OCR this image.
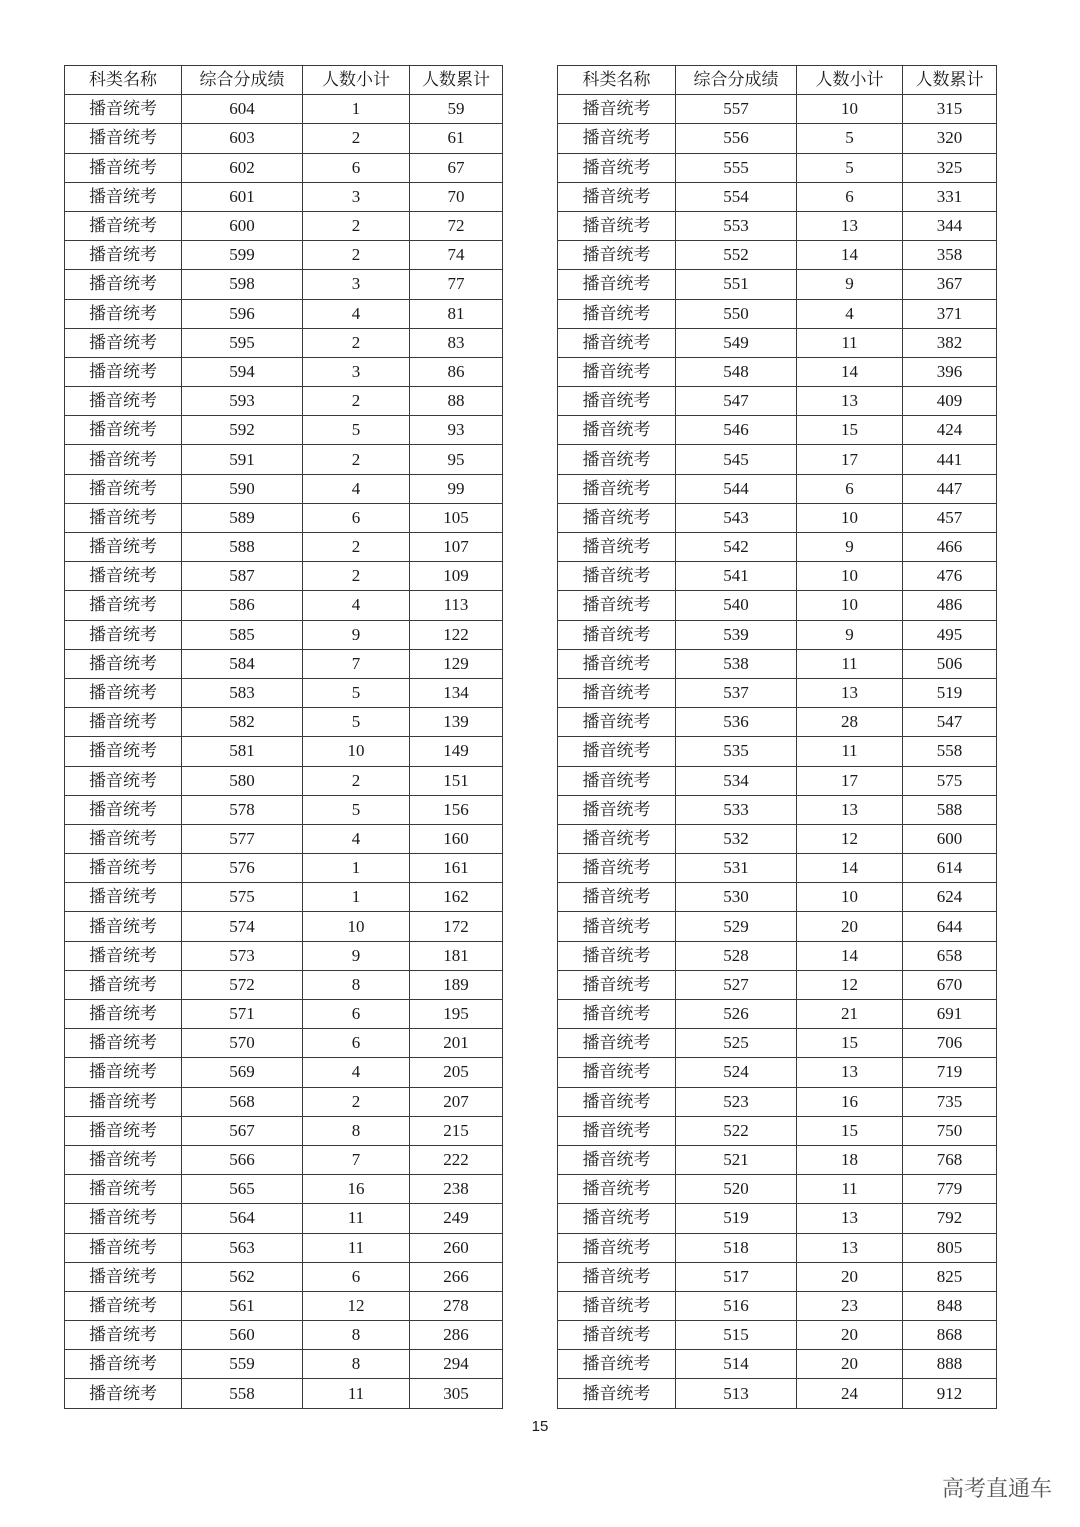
科类名称	综合分成绩	人数小计	人数累计
播音统考	604	1	59
播音统考	603	2	61
播音统考	602	6	67
播音统考	601	3	70
播音统考	600	2	72
播音统考	599	2	74
播音统考	598	3	77
播音统考	596	4	81
播音统考	595	2	83
播音统考	594	3	86
播音统考	593	2	88
播音统考	592	5	93
播音统考	591	2	95
播音统考	590	4	99
播音统考	589	6	105
播音统考	588	2	107
播音统考	587	2	109
播音统考	586	4	113
播音统考	585	9	122
播音统考	584	7	129
播音统考	583	5	134
播音统考	582	5	139
播音统考	581	10	149
播音统考	580	2	151
播音统考	578	5	156
播音统考	577	4	160
播音统考	576	1	161
播音统考	575	1	162
播音统考	574	10	172
播音统考	573	9	181
播音统考	572	8	189
播音统考	571	6	195
播音统考	570	6	201
播音统考	569	4	205
播音统考	568	2	207
播音统考	567	8	215
播音统考	566	7	222
播音统考	565	16	238
播音统考	564	11	249
播音统考	563	11	260
播音统考	562	6	266
播音统考	561	12	278
播音统考	560	8	286
播音统考	559	8	294
播音统考	558	11	305
科类名称	综合分成绩	人数小计	人数累计
播音统考	557	10	315
播音统考	556	5	320
播音统考	555	5	325
播音统考	554	6	331
播音统考	553	13	344
播音统考	552	14	358
播音统考	551	9	367
播音统考	550	4	371
播音统考	549	11	382
播音统考	548	14	396
播音统考	547	13	409
播音统考	546	15	424
播音统考	545	17	441
播音统考	544	6	447
播音统考	543	10	457
播音统考	542	9	466
播音统考	541	10	476
播音统考	540	10	486
播音统考	539	9	495
播音统考	538	11	506
播音统考	537	13	519
播音统考	536	28	547
播音统考	535	11	558
播音统考	534	17	575
播音统考	533	13	588
播音统考	532	12	600
播音统考	531	14	614
播音统考	530	10	624
播音统考	529	20	644
播音统考	528	14	658
播音统考	527	12	670
播音统考	526	21	691
播音统考	525	15	706
播音统考	524	13	719
播音统考	523	16	735
播音统考	522	15	750
播音统考	521	18	768
播音统考	520	11	779
播音统考	519	13	792
播音统考	518	13	805
播音统考	517	20	825
播音统考	516	23	848
播音统考	515	20	868
播音统考	514	20	888
播音统考	513	24	912
15
高考直通车
